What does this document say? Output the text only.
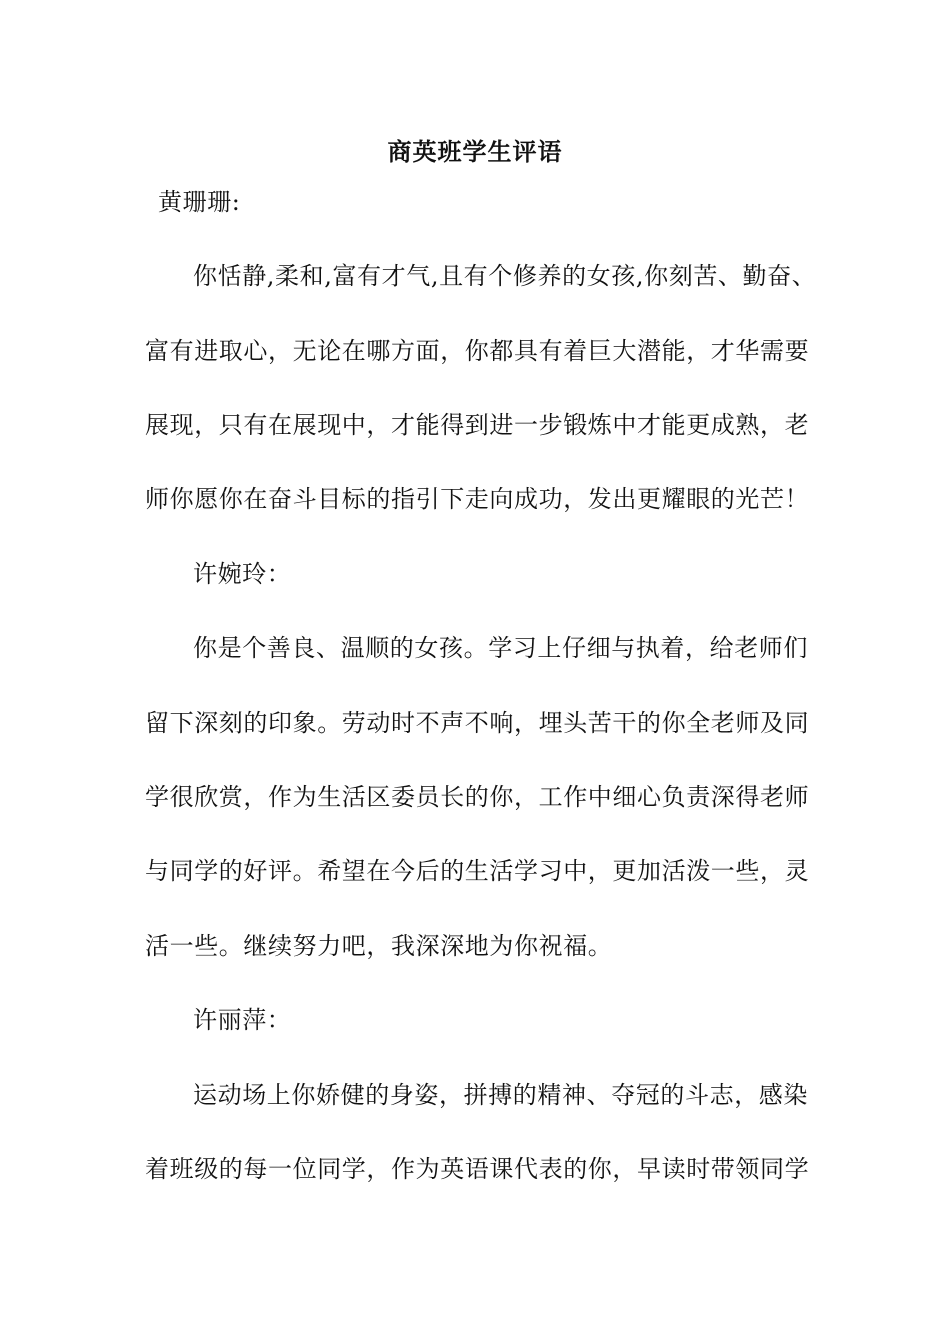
商英班学生评语
黄珊珊:
你恬静,柔和,富有才气,且有个修养的女孩,你刻苦、勤奋、
富有进取心，无论在哪方面，你都具有着巨大潜能，才华需要
展现，只有在展现中，才能得到进一步锻炼中才能更成熟，老
师你愿你在奋斗目标的指引下走向成功，发出更耀眼的光芒！
许婉玲：
你是个善良、温顺的女孩。学习上仔细与执着，给老师们
留下深刻的印象。劳动时不声不响，埋头苦干的你全老师及同
学很欣赏，作为生活区委员长的你，工作中细心负责深得老师
与同学的好评。希望在今后的生活学习中，更加活泼一些，灵
活一些。继续努力吧，我深深地为你祝福。
许丽萍：
运动场上你娇健的身姿，拼搏的精神、夺冠的斗志，感染
着班级的每一位同学，作为英语课代表的你，早读时带领同学
